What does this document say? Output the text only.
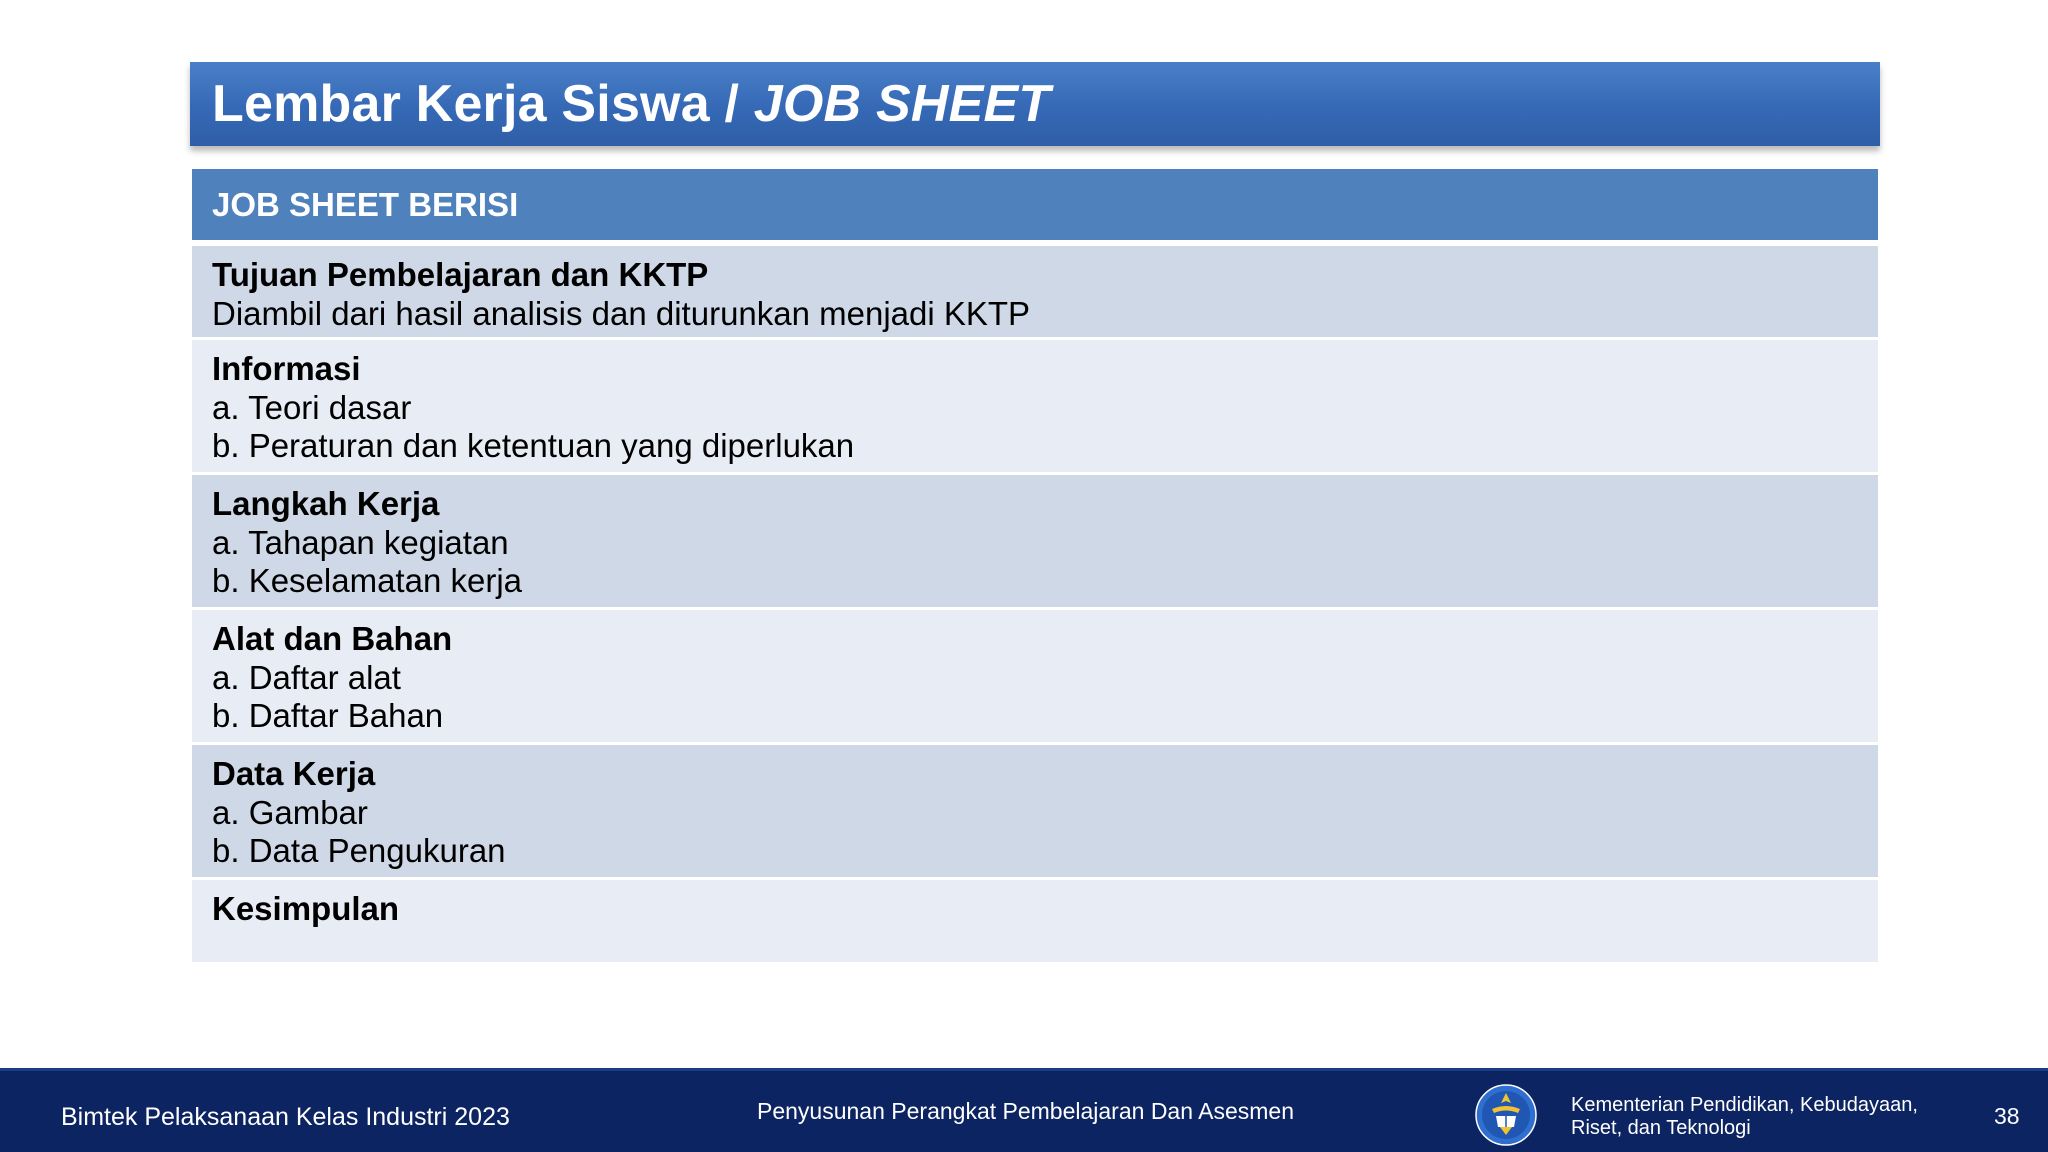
Lembar Kerja Siswa / JOB SHEET
JOB SHEET BERISI
Tujuan Pembelajaran dan KKTP
Diambil dari hasil analisis dan diturunkan menjadi KKTP
Informasi
a. Teori dasar
b. Peraturan dan ketentuan yang diperlukan
Langkah Kerja
a. Tahapan kegiatan
b. Keselamatan kerja
Alat dan Bahan
a. Daftar alat
b. Daftar Bahan
Data Kerja
a. Gambar
b. Data Pengukuran
Kesimpulan
Bimtek Pelaksanaan Kelas Industri 2023	Penyusunan Perangkat Pembelajaran Dan Asesmen	Kementerian Pendidikan, Kebudayaan,
Riset, dan Teknologi	38
